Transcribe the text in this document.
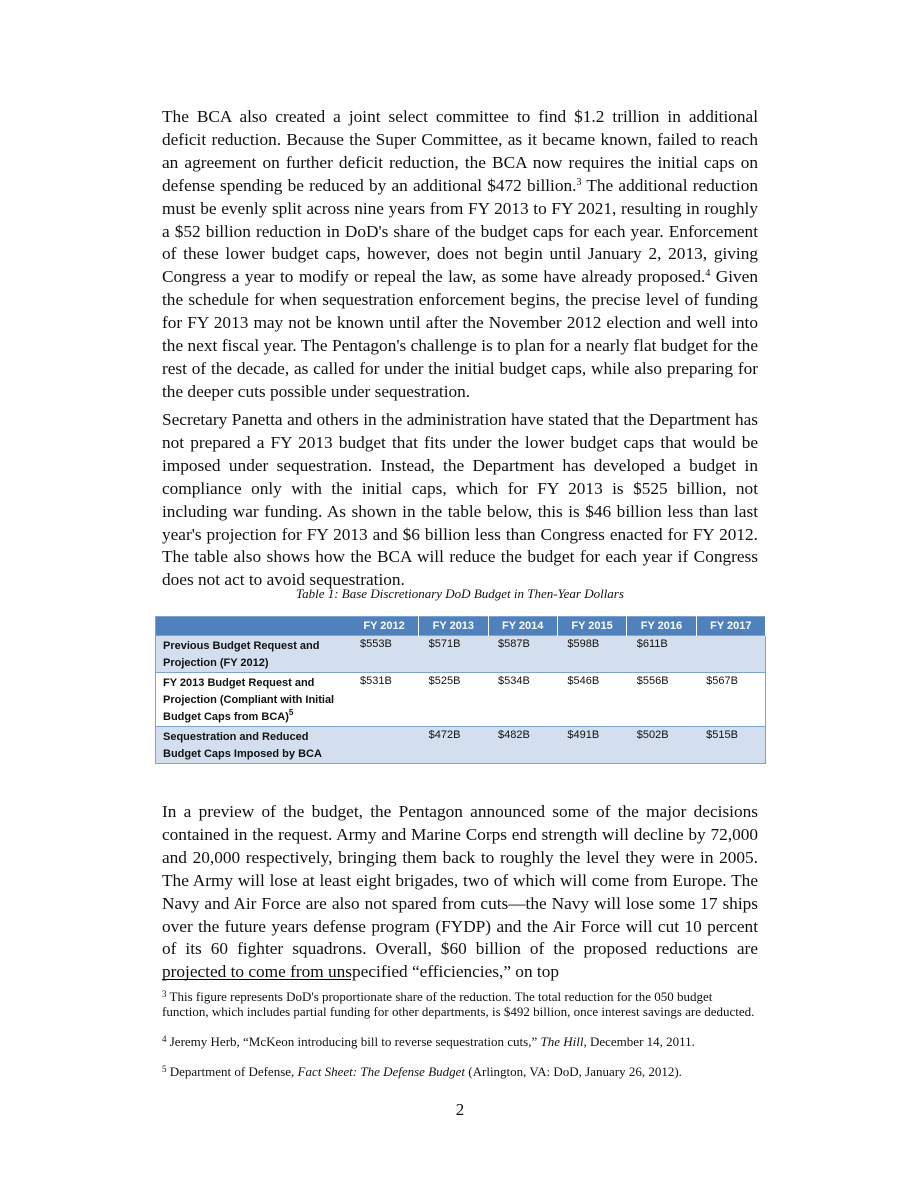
The BCA also created a joint select committee to find $1.2 trillion in additional deficit reduction. Because the Super Committee, as it became known, failed to reach an agreement on further deficit reduction, the BCA now requires the initial caps on defense spending be reduced by an additional $472 billion.$^3$ The additional reduction must be evenly split across nine years from FY 2013 to FY 2021, resulting in roughly a $52 billion reduction in DoD's share of the budget caps for each year. Enforcement of these lower budget caps, however, does not begin until January 2, 2013, giving Congress a year to modify or repeal the law, as some have already proposed.$^4$ Given the schedule for when sequestration enforcement begins, the precise level of funding for FY 2013 may not be known until after the November 2012 election and well into the next fiscal year. The Pentagon's challenge is to plan for a nearly flat budget for the rest of the decade, as called for under the initial budget caps, while also preparing for the deeper cuts possible under sequestration.

Secretary Panetta and others in the administration have stated that the Department has not prepared a FY 2013 budget that fits under the lower budget caps that would be imposed under sequestration. Instead, the Department has developed a budget in compliance only with the initial caps, which for FY 2013 is $525 billion, not including war funding. As shown in the table below, this is $46 billion less than last year's projection for FY 2013 and $6 billion less than Congress enacted for FY 2012. The table also shows how the BCA will reduce the budget for each year if Congress does not act to avoid sequestration.

Table 1: Base Discretionary DoD Budget in Then-Year Dollars

	FY 2012	FY 2013	FY 2014	FY 2015	FY 2016	FY 2017
Previous Budget Request and Projection (FY 2012)	$553B	$571B	$587B	$598B	$611B	
FY 2013 Budget Request and Projection (Compliant with Initial Budget Caps from BCA)$^5$	$531B	$525B	$534B	$546B	$556B	$567B
Sequestration and Reduced Budget Caps Imposed by BCA		$472B	$482B	$491B	$502B	$515B

In a preview of the budget, the Pentagon announced some of the major decisions contained in the request. Army and Marine Corps end strength will decline by 72,000 and 20,000 respectively, bringing them back to roughly the level they were in 2005. The Army will lose at least eight brigades, two of which will come from Europe. The Navy and Air Force are also not spared from cuts—the Navy will lose some 17 ships over the future years defense program (FYDP) and the Air Force will cut 10 percent of its 60 fighter squadrons. Overall, $60 billion of the proposed reductions are projected to come from unspecified “efficiencies,” on top

$^3$ This figure represents DoD's proportionate share of the reduction. The total reduction for the 050 budget function, which includes partial funding for other departments, is $492 billion, once interest savings are deducted.

$^4$ Jeremy Herb, “McKeon introducing bill to reverse sequestration cuts,” The Hill, December 14, 2011.

$^5$ Department of Defense, Fact Sheet: The Defense Budget (Arlington, VA: DoD, January 26, 2012).

2
